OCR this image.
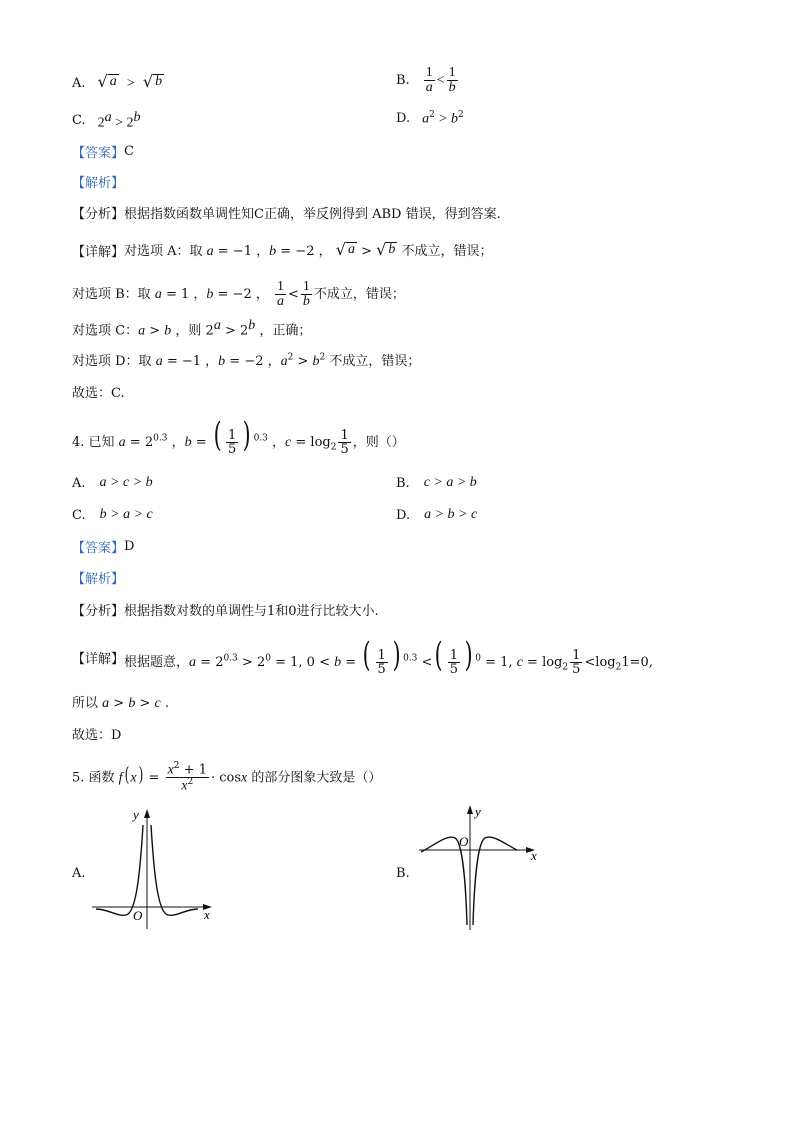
A. √ a > √ b	B. $\frac{1}{a} < \frac{1}{b}$
C. $2^a > 2^b$	D. $a^2 > b^2$
【答案】 C
【解析】
【分析】 根据指数函数单调性知C正确，举反例得到 ABD 错误，得到答案.
【详解】 对选项 A：取 a = −1 ，b = −2 ， √ a > √ b 不成立，错误；
对选项 B：取 a = 1 ，b = −2 ， $\frac{1}{a} < \frac{1}{b}$ 不成立，错误；
对选项 C：a > b ，则 $2^a > 2^b$ ，正确；
对选项 D：取 a = −1 ，b = −2 ，$a^2 > b^2$ 不成立，错误；
故选：C.
4. 已知 $a = 2^{0.3}$ ，b = ( $\frac{1}{5}$ ) $^{0.3}$ ，$c = \log_2 \frac{1}{5}$ ，则（）
A. a > c > b	B. c > a > b
C. b > a > c	D. a > b > c
【答案】 D
【解析】
【分析】 根据指数对数的单调性与1和0进行比较大小.
【详解】 根据题意，$a = 2^{0.3} > 2^0 = 1$, 0 < b = ( $\frac{1}{5}$ ) $^{0.3}$ <( $\frac{1}{5}$ ) $^0$ = 1, $c = \log_2 \frac{1}{5} <\log_21=0$,
所以 a > b > c .
故选：D
5. 函数 f( $x) = \frac{x^2 + 1}{x^2} \cdot \cos x$ 的部分图象大致是（）
A.
y
x
O
B.
y
x
O
